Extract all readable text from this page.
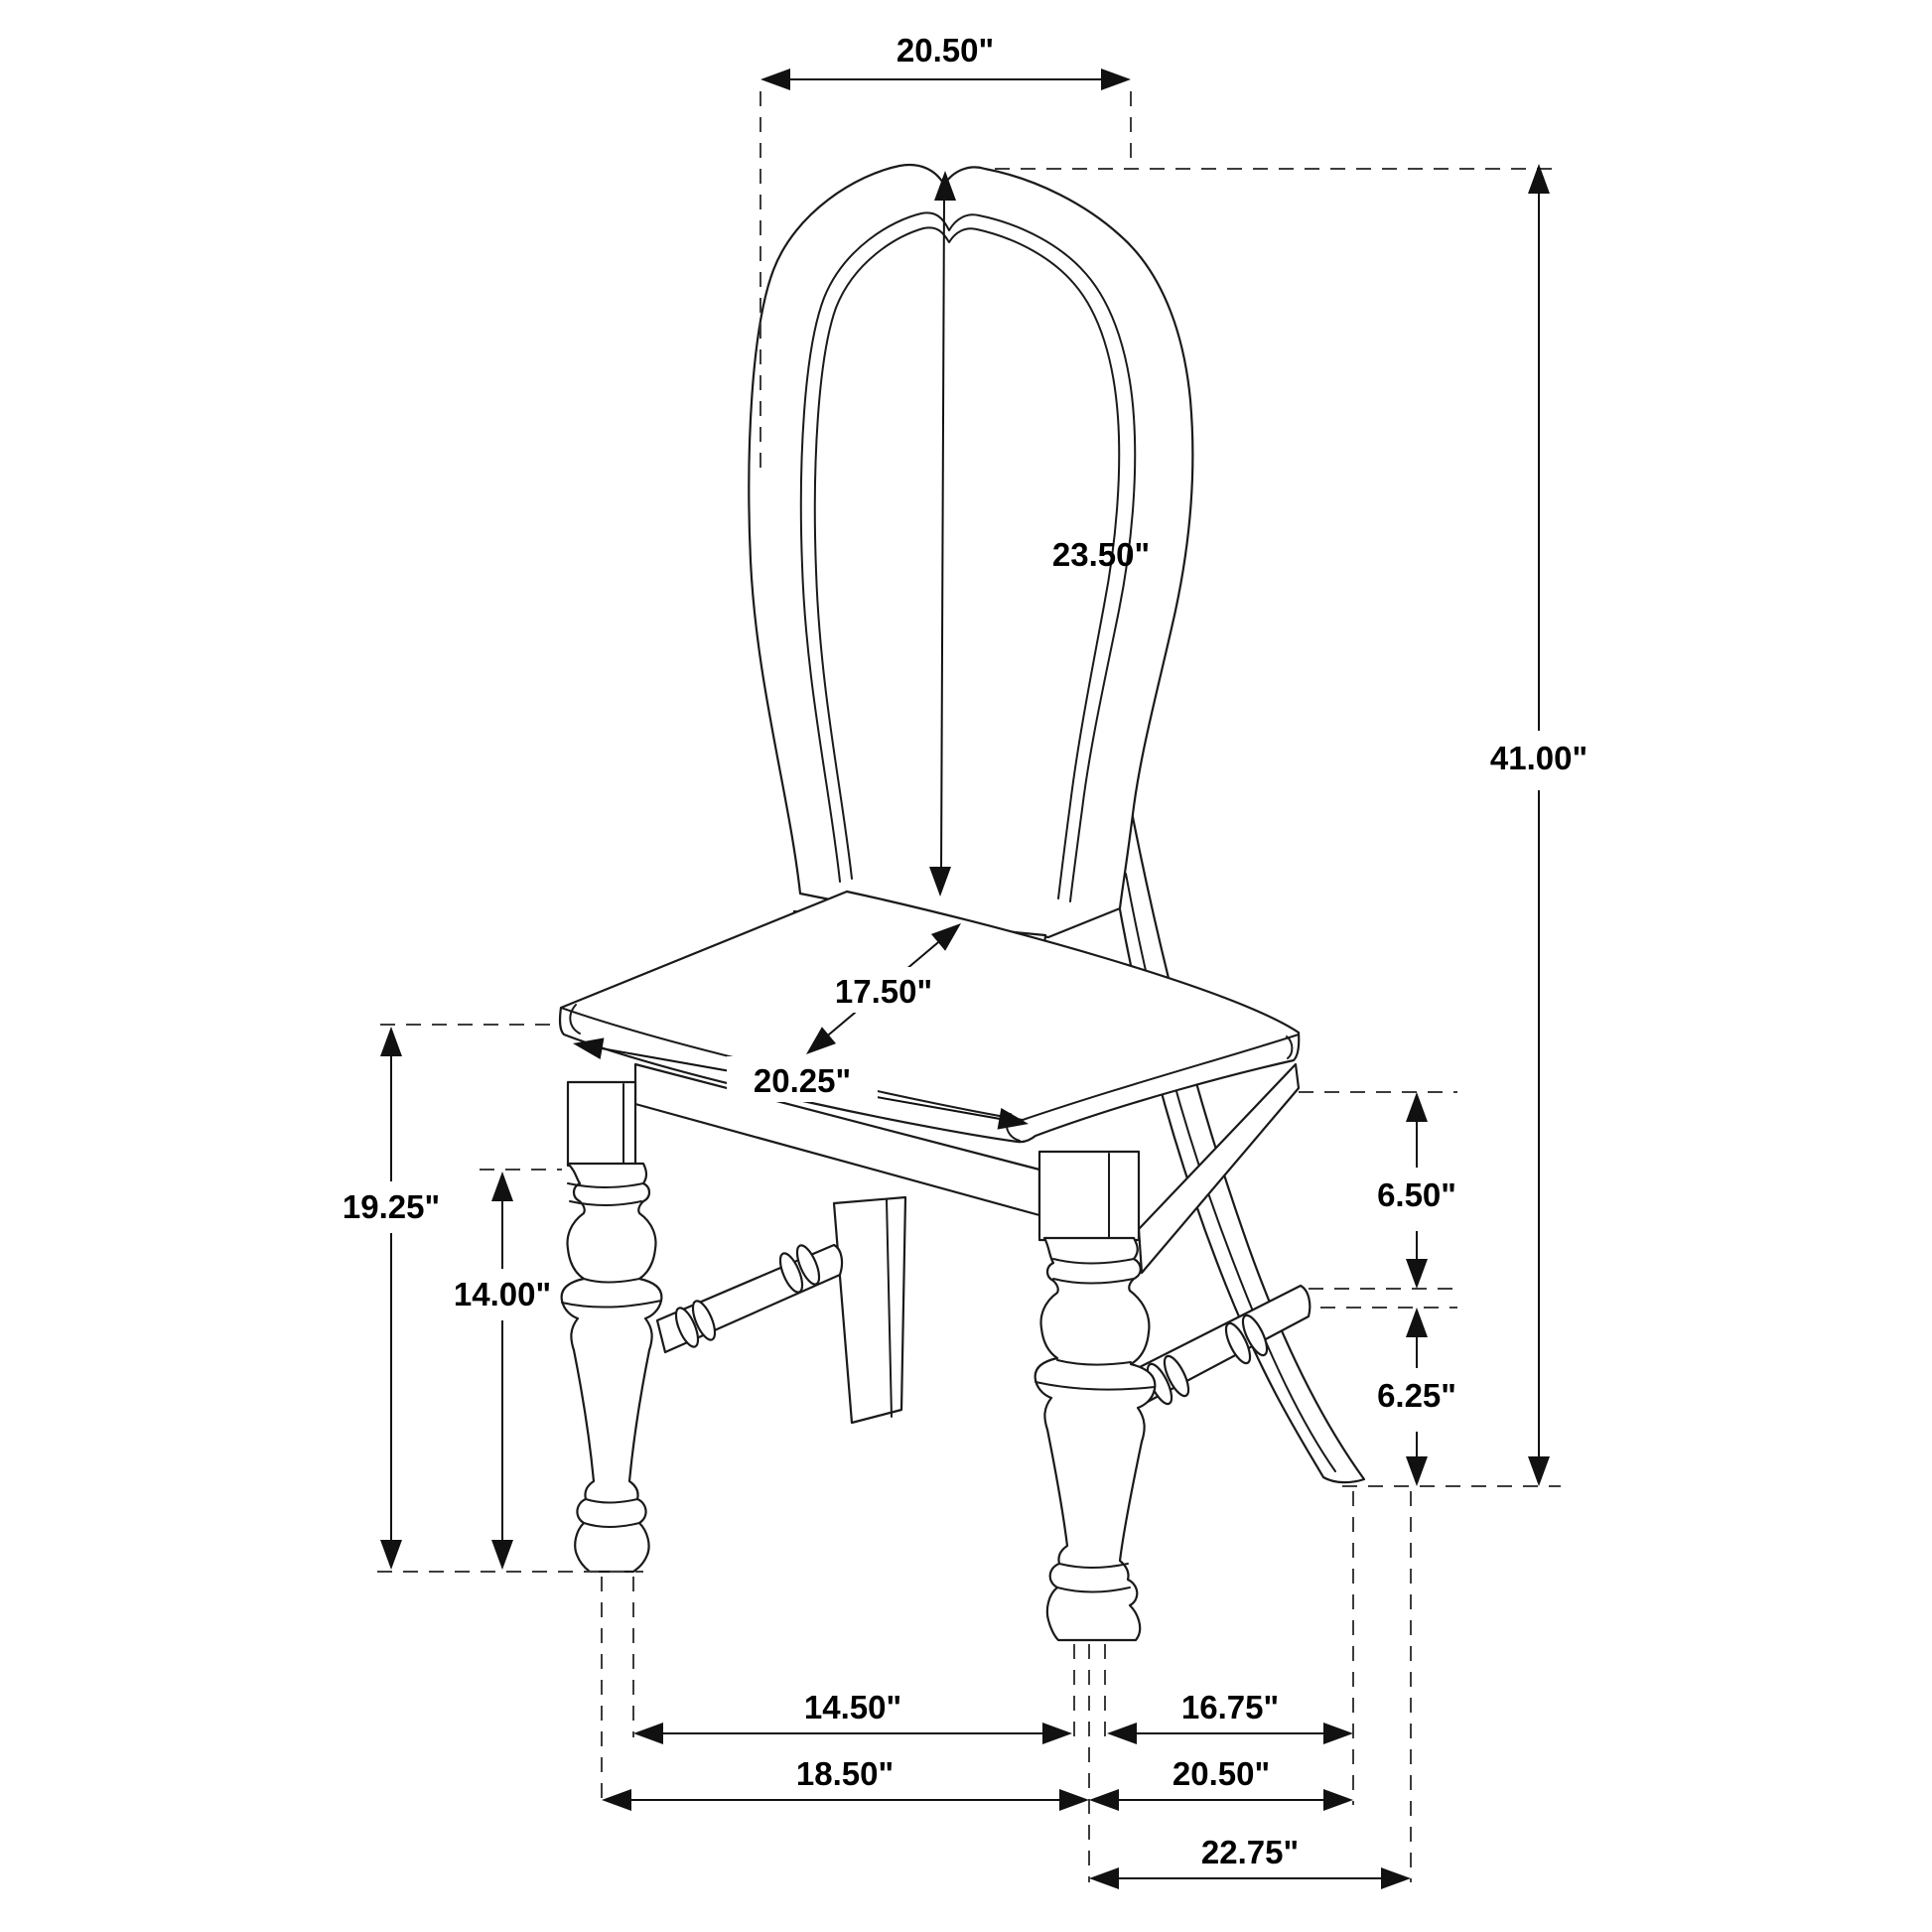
20.50"
41.00"
23.50"
17.50"
20.25"
19.25"
14.00"
6.50"
6.25"
14.50"
18.50"
16.75"
20.50"
22.75"
